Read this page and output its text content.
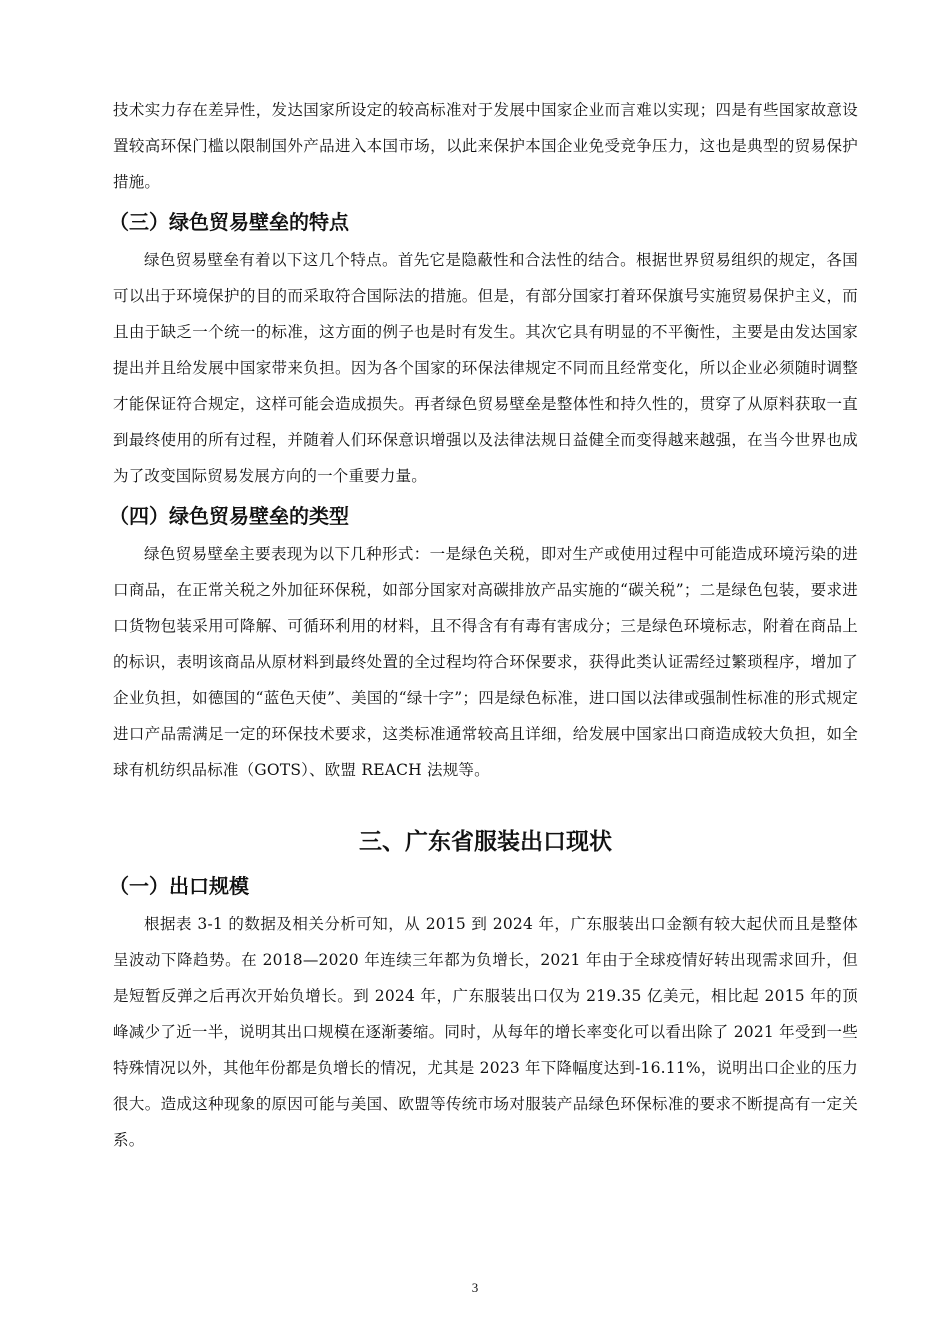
技术实力存在差异性，发达国家所设定的较高标准对于发展中国家企业而言难以实现；四是有些国家故意设置较高环保门槛以限制国外产品进入本国市场，以此来保护本国企业免受竞争压力，这也是典型的贸易保护措施。

（三）绿色贸易壁垒的特点

绿色贸易壁垒有着以下这几个特点。首先它是隐蔽性和合法性的结合。根据世界贸易组织的规定，各国可以出于环境保护的目的而采取符合国际法的措施。但是，有部分国家打着环保旗号实施贸易保护主义，而且由于缺乏一个统一的标准，这方面的例子也是时有发生。其次它具有明显的不平衡性，主要是由发达国家提出并且给发展中国家带来负担。因为各个国家的环保法律规定不同而且经常变化，所以企业必须随时调整才能保证符合规定，这样可能会造成损失。再者绿色贸易壁垒是整体性和持久性的，贯穿了从原料获取一直到最终使用的所有过程，并随着人们环保意识增强以及法律法规日益健全而变得越来越强，在当今世界也成为了改变国际贸易发展方向的一个重要力量。

（四）绿色贸易壁垒的类型

绿色贸易壁垒主要表现为以下几种形式：一是绿色关税，即对生产或使用过程中可能造成环境污染的进口商品，在正常关税之外加征环保税，如部分国家对高碳排放产品实施的“碳关税”；二是绿色包装，要求进口货物包装采用可降解、可循环利用的材料，且不得含有有毒有害成分；三是绿色环境标志，附着在商品上的标识，表明该商品从原材料到最终处置的全过程均符合环保要求，获得此类认证需经过繁琐程序，增加了企业负担，如德国的“蓝色天使”、美国的“绿十字”；四是绿色标准，进口国以法律或强制性标准的形式规定进口产品需满足一定的环保技术要求，这类标准通常较高且详细，给发展中国家出口商造成较大负担，如全球有机纺织品标准（GOTS）、欧盟 REACH 法规等。

三、广东省服装出口现状
（一）出口规模

根据表 3-1 的数据及相关分析可知，从 2015 到 2024 年，广东服装出口金额有较大起伏而且是整体呈波动下降趋势。在 2018—2020 年连续三年都为负增长，2021 年由于全球疫情好转出现需求回升，但是短暂反弹之后再次开始负增长。到 2024 年，广东服装出口仅为 219.35 亿美元，相比起 2015 年的顶峰减少了近一半，说明其出口规模在逐渐萎缩。同时，从每年的增长率变化可以看出除了 2021 年受到一些特殊情况以外，其他年份都是负增长的情况，尤其是 2023 年下降幅度达到-16.11%，说明出口企业的压力很大。造成这种现象的原因可能与美国、欧盟等传统市场对服装产品绿色环保标准的要求不断提高有一定关系。

3
